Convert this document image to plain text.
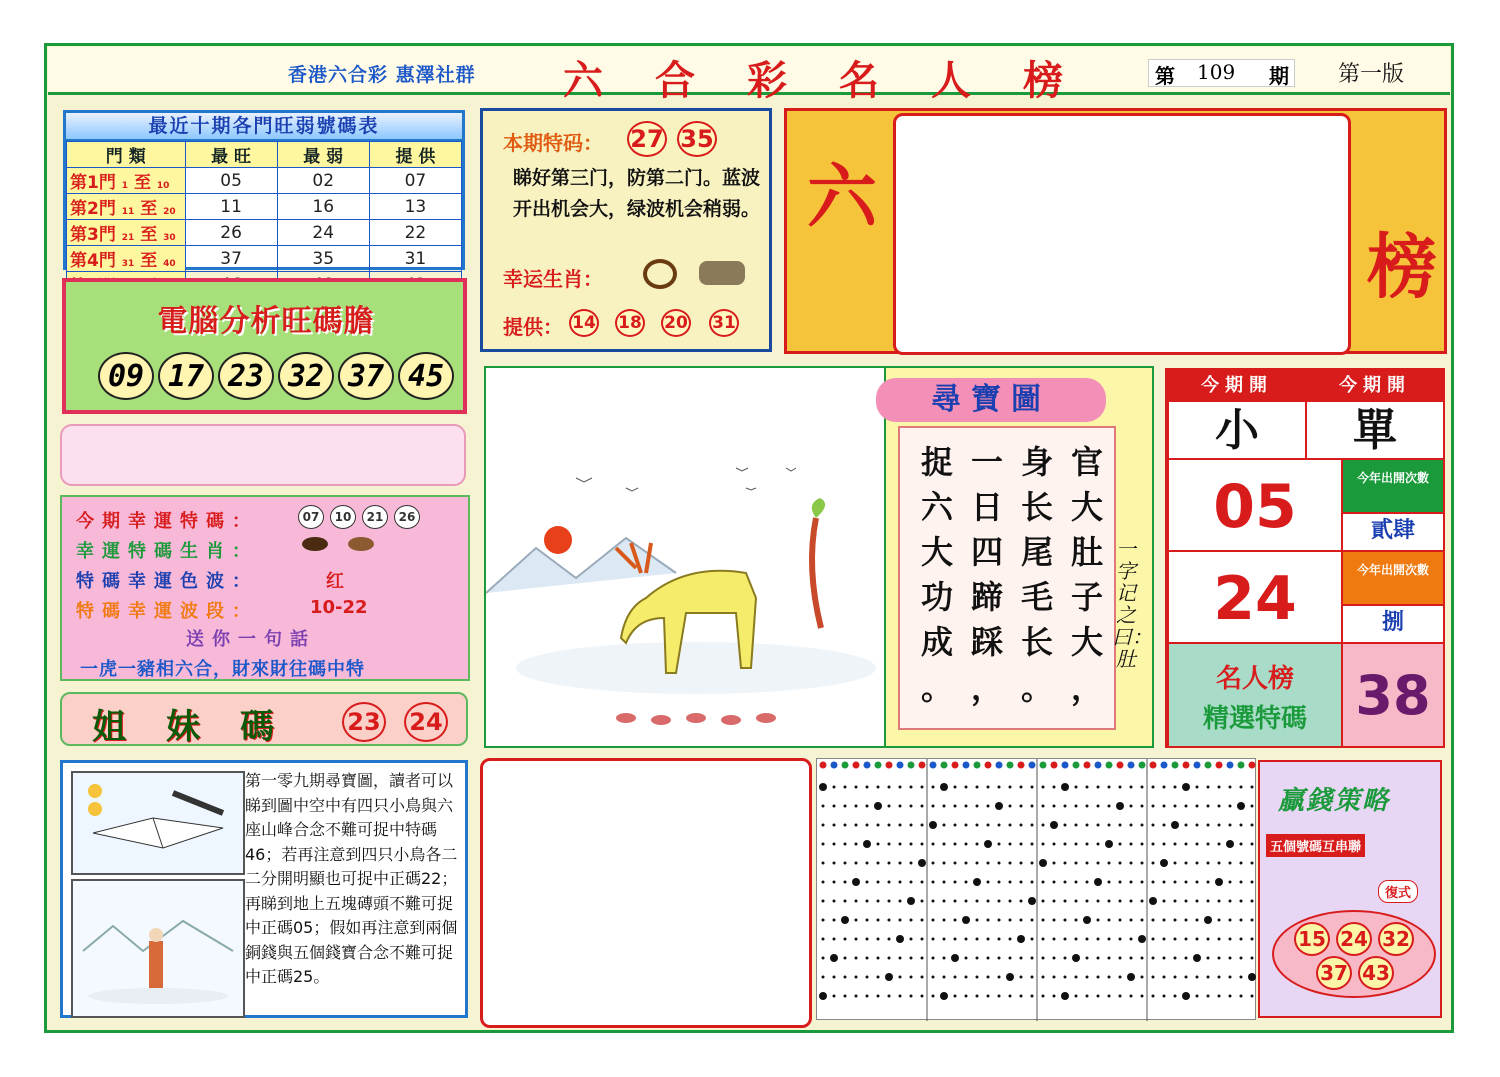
香港六合彩 惠澤社群 六合彩名人榜 第 109 期 第一版
最近十期各門旺弱號碼表
門 類	最 旺	最 弱	提 供
第1門 1 至 10	05	02	07
第2門 11 至 20	11	16	13
第3門 21 至 30	26	24	22
第4門 31 至 40	37	35	31

電腦分析旺碼膽
09 17 23 32 37 45
今期幸運特碼：	07 10 21 26
幸運特碼生肖：

特碼幸運色波：	红
特碼幸運波段：	10-22
送你一句話
一虎一豬相六合，財來財往碼中特
姐妹碼 23 24
第一零九期尋寶圖，讀者可以睇到圖中空中有四只小鳥與六座山峰合念不難可捉中特碼46；若再注意到四只小鳥各二二分開明顯也可捉中正碼22；再睇到地上五塊磚頭不難可捉中正碼05；假如再注意到兩個銅錢與五個錢寶合念不難可捉中正碼25。
本期特码： 27 35

睇好第三门，防第二门。蓝波开出机会大，绿波机会稍弱。

幸运生肖：
提供： 14 18 20 31
六
榜
尋寶圖
官大肚子大
身长尾毛长
一日四蹄踩
捉六大功成
，
。
，
。
一字记之曰：肚
今期開	今期開
小	單
05	今年出開次數
貳肆
24	今年出開次數
捌
名人榜
精選特碼 38
贏錢策略
五個號碼互串聯
復式
15 24 32
37 43
